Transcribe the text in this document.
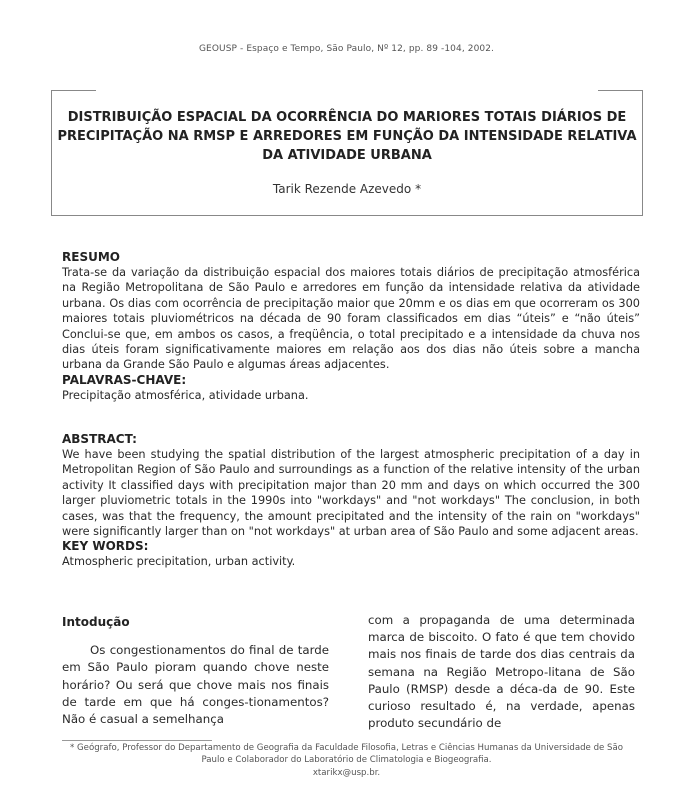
GEOUSP - Espaço e Tempo, São Paulo, Nº 12, pp. 89 -104, 2002.
DISTRIBUIÇÃO ESPACIAL DA OCORRÊNCIA DO MARIORES TOTAIS DIÁRIOS DE PRECIPITAÇÃO NA RMSP E ARREDORES EM FUNÇÃO DA INTENSIDADE RELATIVA DA ATIVIDADE URBANA
Tarik Rezende Azevedo *
RESUMO

Trata-se da variação da distribuição espacial dos maiores totais diários de precipitação atmosférica na Região Metropolitana de São Paulo e arredores em função da intensidade relativa da atividade urbana. Os dias com ocorrência de precipitação maior que 20mm e os dias em que ocorreram os 300 maiores totais pluviométricos na década de 90 foram classificados em dias “úteis” e “não úteis” Conclui-se que, em ambos os casos, a freqüência, o total precipitado e a intensidade da chuva nos dias úteis foram significativamente maiores em relação aos dos dias não úteis sobre a mancha urbana da Grande São Paulo e algumas áreas adjacentes.

PALAVRAS-CHAVE:

Precipitação atmosférica, atividade urbana.

ABSTRACT:

We have been studying the spatial distribution of the largest atmospheric precipitation of a day in Metropolitan Region of São Paulo and surroundings as a function of the relative intensity of the urban activity It classified days with precipitation major than 20 mm and days on which occurred the 300 larger pluviometric totals in the 1990s into "workdays" and "not workdays" The conclusion, in both cases, was that the frequency, the amount precipitated and the intensity of the rain on "workdays" were significantly larger than on "not workdays" at urban area of São Paulo and some adjacent areas.

KEY WORDS:

Atmospheric precipitation, urban activity.

Intodução

Os congestionamentos do final de tarde em São Paulo pioram quando chove neste horário? Ou será que chove mais nos finais de tarde em que há conges-tionamentos? Não é casual a semelhança

com a propaganda de uma determinada marca de biscoito. O fato é que tem chovido mais nos finais de tarde dos dias centrais da semana na Região Metropo-litana de São Paulo (RMSP) desde a déca-da de 90. Este curioso resultado é, na verdade, apenas produto secundário de

* Geógrafo, Professor do Departamento de Geografia da Faculdade Filosofia, Letras e Ciências Humanas da Universidade de São
Paulo e Colaborador do Laboratório de Climatologia e Biogeografia.
xtarikx@usp.br.
